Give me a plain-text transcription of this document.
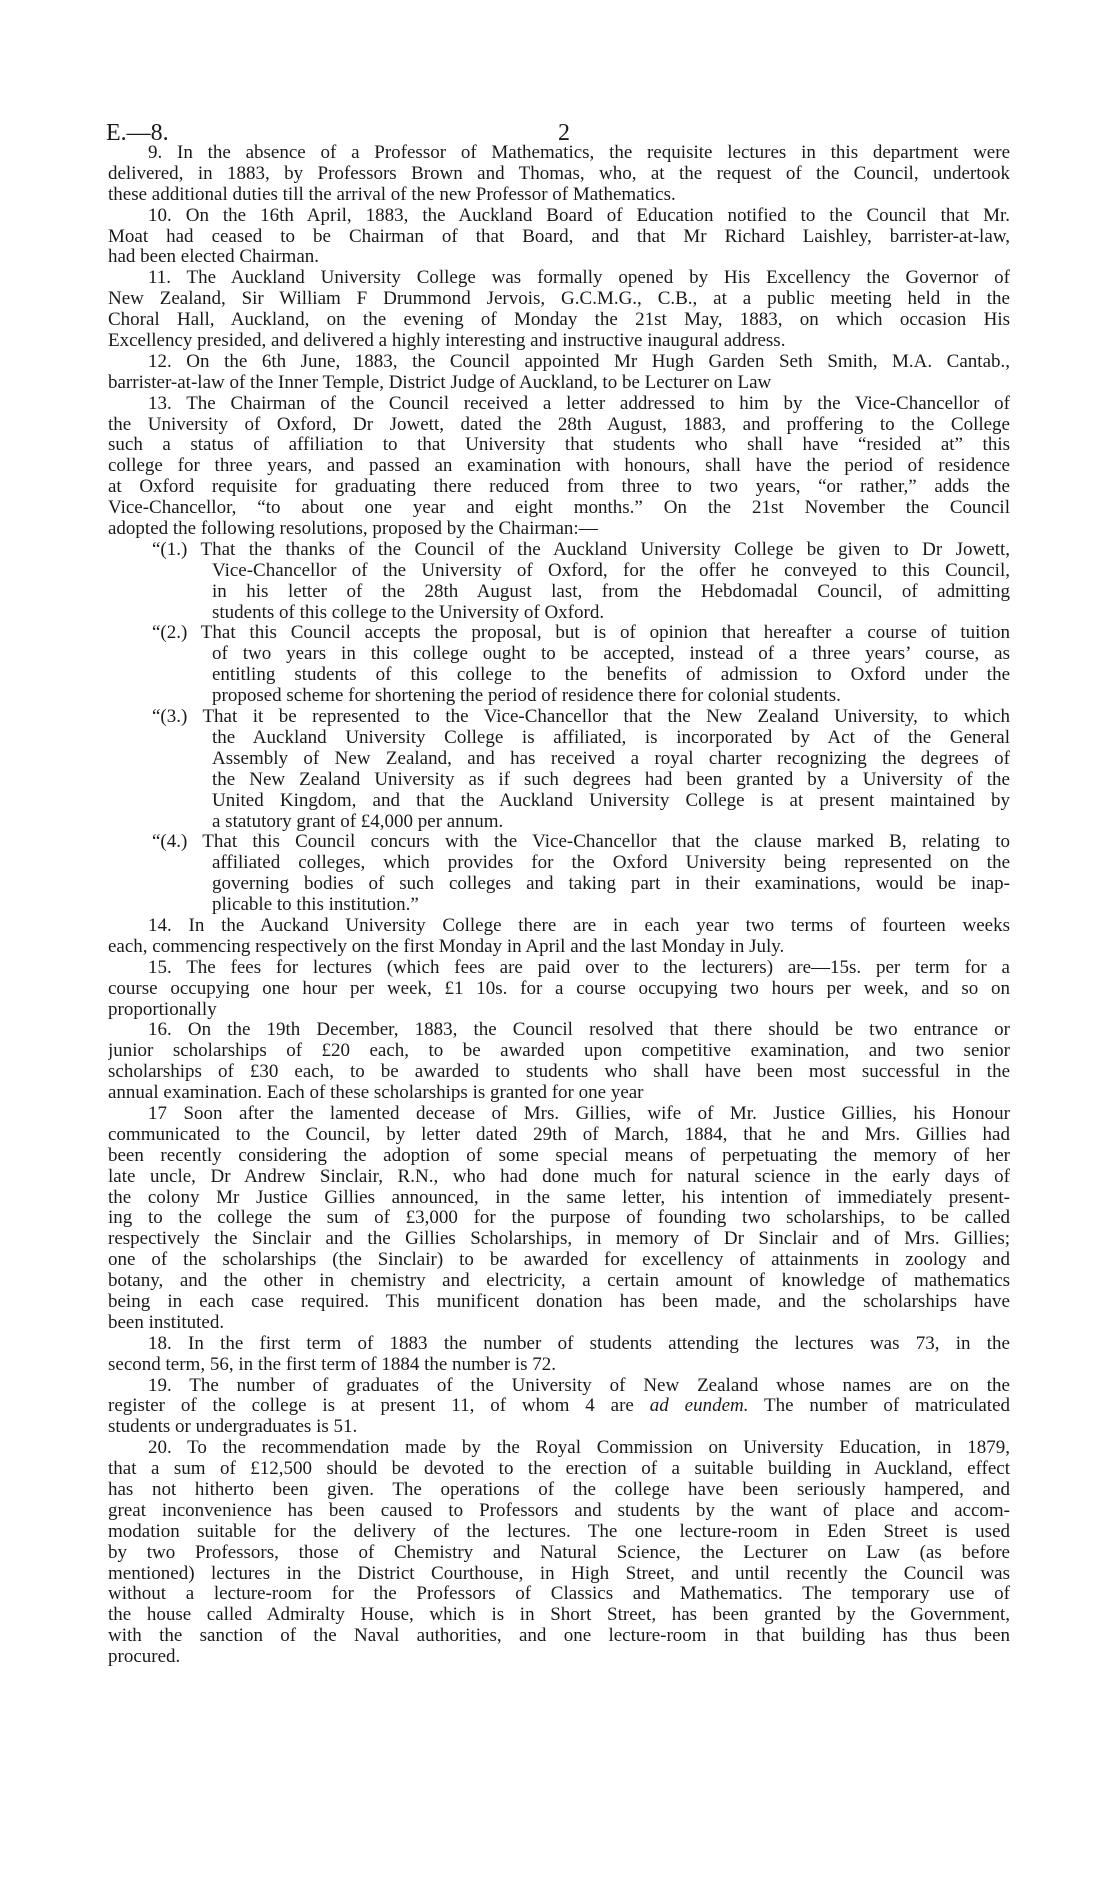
E.—8.	2
9. In the absence of a Professor of Mathematics, the requisite lectures in this department were
delivered, in 1883, by Professors Brown and Thomas, who, at the request of the Council, undertook
these additional duties till the arrival of the new Professor of Mathematics.
10. On the 16th April, 1883, the Auckland Board of Education notified to the Council that Mr.
Moat had ceased to be Chairman of that Board, and that Mr Richard Laishley, barrister-at-law,
had been elected Chairman.
11. The Auckland University College was formally opened by His Excellency the Governor of
New Zealand, Sir William F Drummond Jervois, G.C.M.G., C.B., at a public meeting held in the
Choral Hall, Auckland, on the evening of Monday the 21st May, 1883, on which occasion His
Excellency presided, and delivered a highly interesting and instructive inaugural address.
12. On the 6th June, 1883, the Council appointed Mr Hugh Garden Seth Smith, M.A. Cantab.,
barrister-at-law of the Inner Temple, District Judge of Auckland, to be Lecturer on Law
13. The Chairman of the Council received a letter addressed to him by the Vice-Chancellor of
the University of Oxford, Dr Jowett, dated the 28th August, 1883, and proffering to the College
such a status of affiliation to that University that students who shall have “resided at” this
college for three years, and passed an examination with honours, shall have the period of residence
at Oxford requisite for graduating there reduced from three to two years, “or rather,” adds the
Vice-Chancellor, “to about one year and eight months.” On the 21st November the Council
adopted the following resolutions, proposed by the Chairman:—
“(1.) That the thanks of the Council of the Auckland University College be given to Dr Jowett,
Vice-Chancellor of the University of Oxford, for the offer he conveyed to this Council,
in his letter of the 28th August last, from the Hebdomadal Council, of admitting
students of this college to the University of Oxford.
“(2.) That this Council accepts the proposal, but is of opinion that hereafter a course of tuition
of two years in this college ought to be accepted, instead of a three years’ course, as
entitling students of this college to the benefits of admission to Oxford under the
proposed scheme for shortening the period of residence there for colonial students.
“(3.) That it be represented to the Vice-Chancellor that the New Zealand University, to which
the Auckland University College is affiliated, is incorporated by Act of the General
Assembly of New Zealand, and has received a royal charter recognizing the degrees of
the New Zealand University as if such degrees had been granted by a University of the
United Kingdom, and that the Auckland University College is at present maintained by
a statutory grant of £4,000 per annum.
“(4.) That this Council concurs with the Vice-Chancellor that the clause marked B, relating to
affiliated colleges, which provides for the Oxford University being represented on the
governing bodies of such colleges and taking part in their examinations, would be inap-
plicable to this institution.”
14. In the Auckand University College there are in each year two terms of fourteen weeks
each, commencing respectively on the first Monday in April and the last Monday in July.
15. The fees for lectures (which fees are paid over to the lecturers) are—15s. per term for a
course occupying one hour per week, £1 10s. for a course occupying two hours per week, and so on
proportionally
16. On the 19th December, 1883, the Council resolved that there should be two entrance or
junior scholarships of £20 each, to be awarded upon competitive examination, and two senior
scholarships of £30 each, to be awarded to students who shall have been most successful in the
annual examination. Each of these scholarships is granted for one year
17 Soon after the lamented decease of Mrs. Gillies, wife of Mr. Justice Gillies, his Honour
communicated to the Council, by letter dated 29th of March, 1884, that he and Mrs. Gillies had
been recently considering the adoption of some special means of perpetuating the memory of her
late uncle, Dr Andrew Sinclair, R.N., who had done much for natural science in the early days of
the colony Mr Justice Gillies announced, in the same letter, his intention of immediately present-
ing to the college the sum of £3,000 for the purpose of founding two scholarships, to be called
respectively the Sinclair and the Gillies Scholarships, in memory of Dr Sinclair and of Mrs. Gillies;
one of the scholarships (the Sinclair) to be awarded for excellency of attainments in zoology and
botany, and the other in chemistry and electricity, a certain amount of knowledge of mathematics
being in each case required. This munificent donation has been made, and the scholarships have
been instituted.
18. In the first term of 1883 the number of students attending the lectures was 73, in the
second term, 56, in the first term of 1884 the number is 72.
19. The number of graduates of the University of New Zealand whose names are on the
register of the college is at present 11, of whom 4 are ad eundem. The number of matriculated
students or undergraduates is 51.
20. To the recommendation made by the Royal Commission on University Education, in 1879,
that a sum of £12,500 should be devoted to the erection of a suitable building in Auckland, effect
has not hitherto been given. The operations of the college have been seriously hampered, and
great inconvenience has been caused to Professors and students by the want of place and accom-
modation suitable for the delivery of the lectures. The one lecture-room in Eden Street is used
by two Professors, those of Chemistry and Natural Science, the Lecturer on Law (as before
mentioned) lectures in the District Courthouse, in High Street, and until recently the Council was
without a lecture-room for the Professors of Classics and Mathematics. The temporary use of
the house called Admiralty House, which is in Short Street, has been granted by the Government,
with the sanction of the Naval authorities, and one lecture-room in that building has thus been
procured.
